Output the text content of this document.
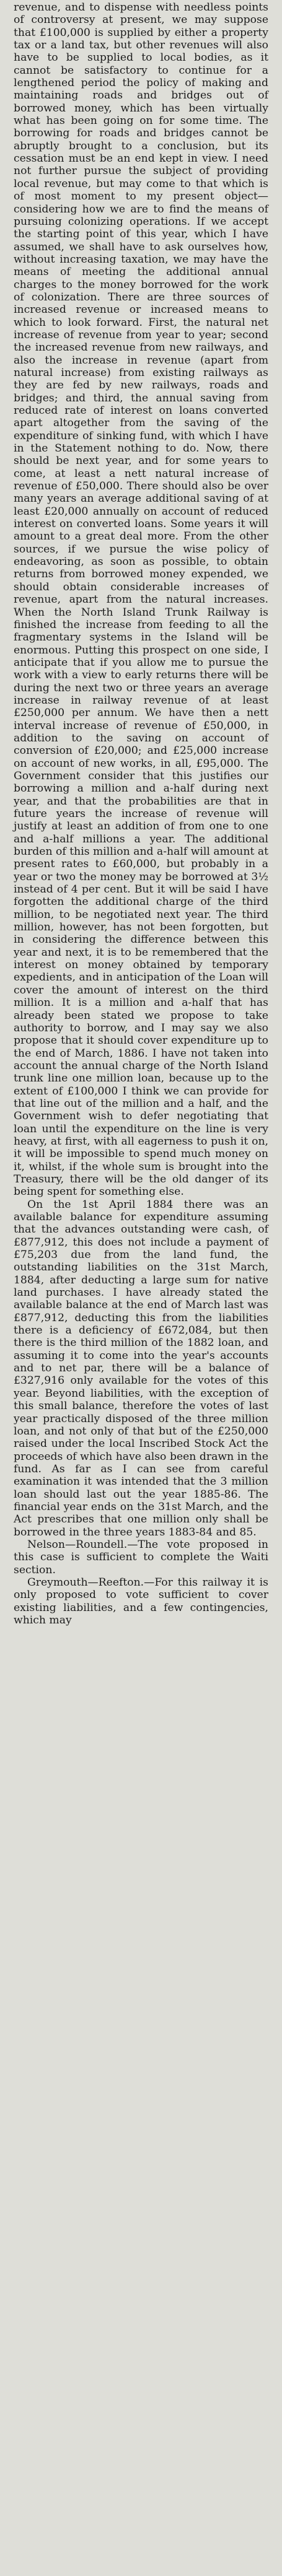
revenue, and to dispense with needless points of controversy at present, we may suppose that £100,000 is supplied by either a property tax or a land tax, but other revenues will also have to be supplied to local bodies, as it cannot be satisfactory to continue for a lengthened period the policy of making and maintaining roads and bridges out of borrowed money, which has been virtually what has been going on for some time. The borrowing for roads and bridges cannot be abruptly brought to a conclusion, but its cessation must be an end kept in view. I need not further pursue the subject of providing local revenue, but may come to that which is of most moment to my present object—considering how we are to find the means of pursuing colonizing operations. If we accept the starting point of this year, which I have assumed, we shall have to ask ourselves how, without increasing taxation, we may have the means of meeting the additional annual charges to the money borrowed for the work of colonization. There are three sources of increased revenue or increased means to which to look forward. First, the natural net increase of revenue from year to year; second the increased revenue from new railways, and also the increase in revenue (apart from natural increase) from existing railways as they are fed by new railways, roads and bridges; and third, the annual saving from reduced rate of interest on loans converted apart altogether from the saving of the expenditure of sinking fund, with which I have in the Statement nothing to do. Now, there should be next year, and for some years to come, at least a nett natural increase of revenue of £50,000. There should also be over many years an average additional saving of at least £20,000 annually on account of reduced interest on converted loans. Some years it will amount to a great deal more. From the other sources, if we pursue the wise policy of endeavoring, as soon as possible, to obtain returns from borrowed money expended, we should obtain considerable increases of revenue, apart from the natural increases. When the North Island Trunk Railway is finished the increase from feeding to all the fragmentary systems in the Island will be enormous. Putting this prospect on one side, I anticipate that if you allow me to pursue the work with a view to early returns there will be during the next two or three years an average increase in railway revenue of at least £250,000 per annum. We have then a nett interval increase of revenue of £50,000, in addition to the saving on account of conversion of £20,000; and £25,000 increase on account of new works, in all, £95,000. The Government consider that this justifies our borrowing a million and a-half during next year, and that the probabilities are that in future years the increase of revenue will justify at least an addition of from one to one and a-half millions a year. The additional burden of this million and a-half will amount at present rates to £60,000, but probably in a year or two the money may be borrowed at 3½ instead of 4 per cent. But it will be said I have forgotten the additional charge of the third million, to be negotiated next year. The third million, however, has not been forgotten, but in considering the difference between this year and next, it is to be remembered that the interest on money obtained by temporary expedients, and in anticipation of the Loan will cover the amount of interest on the third million. It is a million and a-half that has already been stated we propose to take authority to borrow, and I may say we also propose that it should cover expenditure up to the end of March, 1886. I have not taken into account the annual charge of the North Island trunk line one million loan, because up to the extent of £100,000 I think we can provide for that line out of the million and a half, and the Government wish to defer negotiating that loan until the expenditure on the line is very heavy, at first, with all eagerness to push it on, it will be impossible to spend much money on it, whilst, if the whole sum is brought into the Treasury, there will be the old danger of its being spent for something else.

On the 1st April 1884 there was an available balance for expenditure assuming that the advances outstanding were cash, of £877,912, this does not include a payment of £75,203 due from the land fund, the outstanding liabilities on the 31st March, 1884, after deducting a large sum for native land purchases. I have already stated the available balance at the end of March last was £877,912, deducting this from the liabilities there is a deficiency of £672,084, but then there is the third million of the 1882 loan, and assuming it to come into the year's accounts and to net par, there will be a balance of £327,916 only available for the votes of this year. Beyond liabilities, with the exception of this small balance, therefore the votes of last year practically disposed of the three million loan, and not only of that but of the £250,000 raised under the local Inscribed Stock Act the proceeds of which have also been drawn in the fund. As far as I can see from careful examination it was intended that the 3 million loan should last out the year 1885-86. The financial year ends on the 31st March, and the Act prescribes that one million only shall be borrowed in the three years 1883-84 and 85.

Nelson—Roundell.—The vote proposed in this case is sufficient to complete the Waiti section.

Greymouth—Reefton.—For this railway it is only proposed to vote sufficient to cover existing liabilities, and a few contingencies, which may
